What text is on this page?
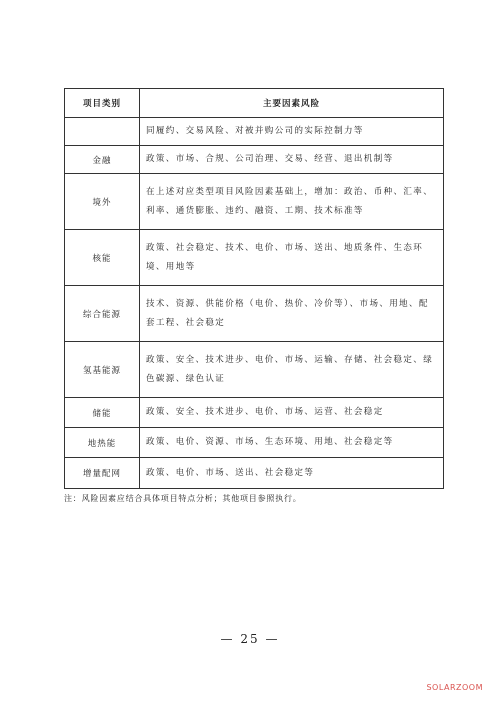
项目类别	主要因素风险
	同履约、交易风险、对被并购公司的实际控制力等
金融	政策、市场、合规、公司治理、交易、经营、退出机制等
境外	在上述对应类型项目风险因素基础上，增加：政治、币种、汇率、利率、通货膨胀、违约、融资、工期、技术标准等
核能	政策、社会稳定、技术、电价、市场、送出、地质条件、生态环境、用地等
综合能源	技术、资源、供能价格（电价、热价、冷价等）、市场、用地、配套工程、社会稳定
氢基能源	政策、安全、技术进步、电价、市场、运输、存储、社会稳定、绿色碳源、绿色认证
储能	政策、安全、技术进步、电价、市场、运营、社会稳定
地热能	政策、电价、资源、市场、生态环境、用地、社会稳定等
增量配网	政策、电价、市场、送出、社会稳定等
注：风险因素应结合具体项目特点分析；其他项目参照执行。
— 25 —
SOLARZOOM
